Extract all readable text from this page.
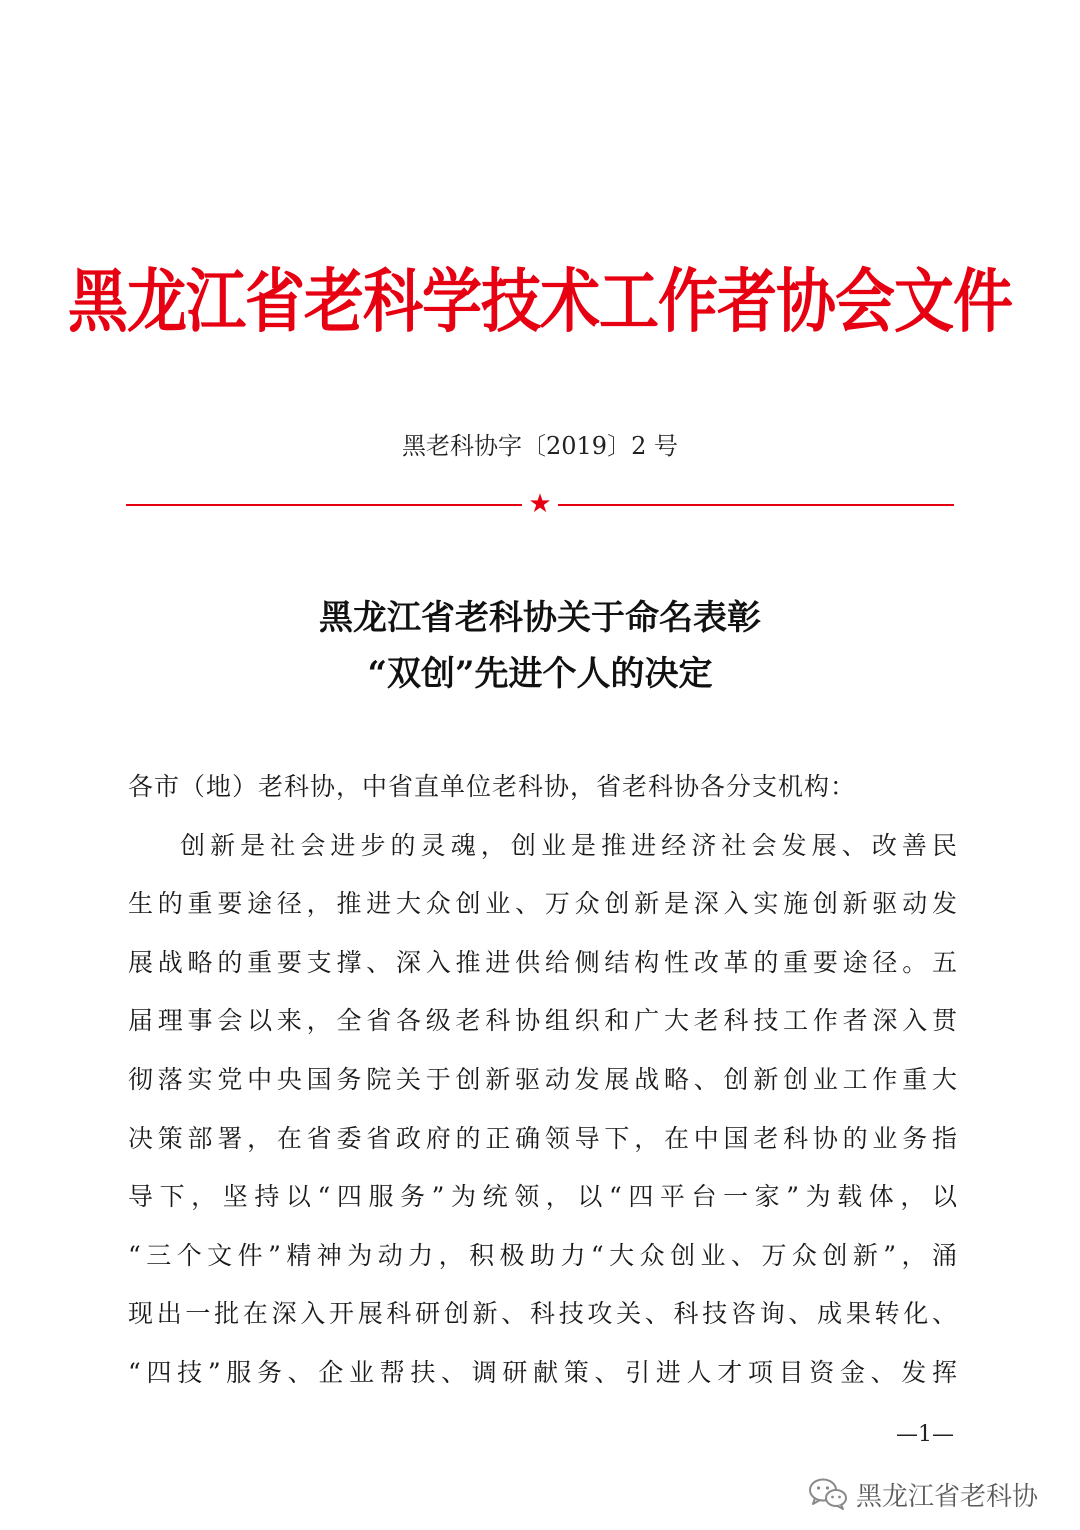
黑龙江省老科学技术工作者协会文件
黑老科协字〔2019〕2 号
★
黑龙江省老科协关于命名表彰
“双创”先进个人的决定
各市（地）老科协，中省直单位老科协，省老科协各分支机构：
创新是社会进步的灵魂，创业是推进经济社会发展、改善民
生的重要途径，推进大众创业、万众创新是深入实施创新驱动发
展战略的重要支撑、深入推进供给侧结构性改革的重要途径。五
届理事会以来，全省各级老科协组织和广大老科技工作者深入贯
彻落实党中央国务院关于创新驱动发展战略、创新创业工作重大
决策部署，在省委省政府的正确领导下，在中国老科协的业务指
导下，坚持以“四服务”为统领，以“四平台一家”为载体，以
“三个文件”精神为动力，积极助力“大众创业、万众创新”，涌
现出一批在深入开展科研创新、科技攻关、科技咨询、成果转化、
“四技”服务、企业帮扶、调研献策、引进人才项目资金、发挥
—1—
黑龙江省老科协
